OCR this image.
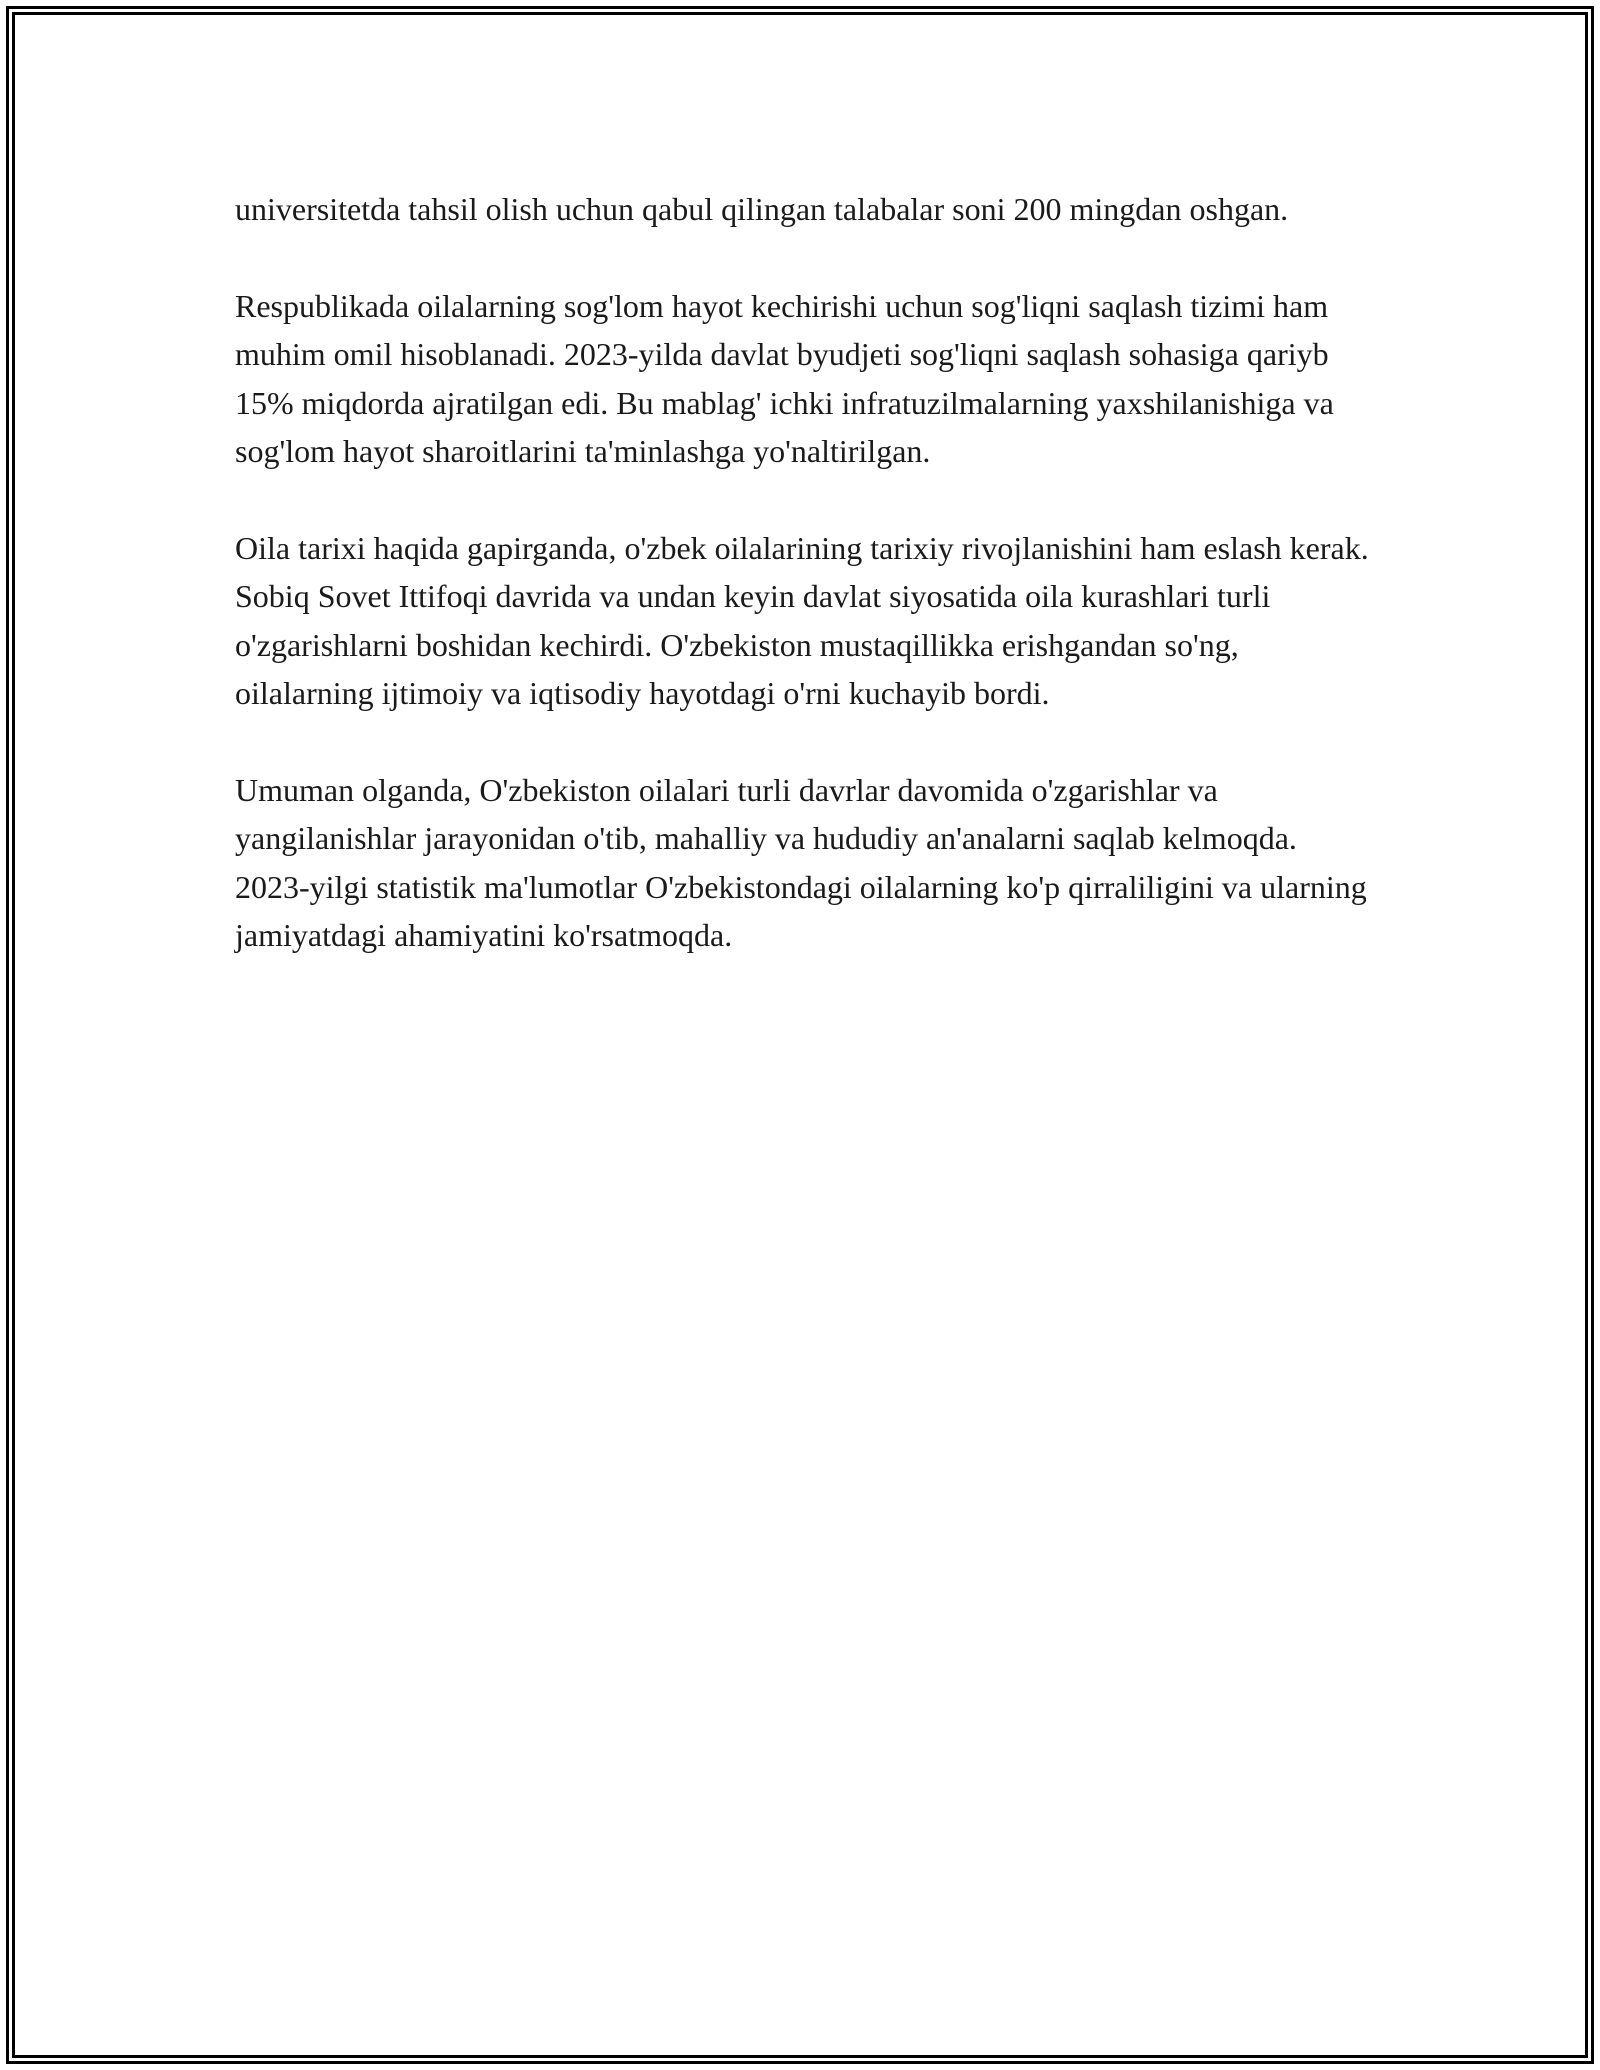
universitetda tahsil olish uchun qabul qilingan talabalar soni 200 mingdan oshgan.

Respublikada oilalarning sog'lom hayot kechirishi uchun sog'liqni saqlash tizimi ham muhim omil hisoblanadi. 2023-yilda davlat byudjeti sog'liqni saqlash sohasiga qariyb 15% miqdorda ajratilgan edi. Bu mablag' ichki infratuzilmalarning yaxshilanishiga va sog'lom hayot sharoitlarini ta'minlashga yo'naltirilgan.

Oila tarixi haqida gapirganda, o'zbek oilalarining tarixiy rivojlanishini ham eslash kerak. Sobiq Sovet Ittifoqi davrida va undan keyin davlat siyosatida oila kurashlari turli o'zgarishlarni boshidan kechirdi. O'zbekiston mustaqillikka erishgandan so'ng, oilalarning ijtimoiy va iqtisodiy hayotdagi o'rni kuchayib bordi.

Umuman olganda, O'zbekiston oilalari turli davrlar davomida o'zgarishlar va yangilanishlar jarayonidan o'tib, mahalliy va hududiy an'analarni saqlab kelmoqda. 2023-yilgi statistik ma'lumotlar O'zbekistondagi oilalarning ko'p qirraliligini va ularning jamiyatdagi ahamiyatini ko'rsatmoqda.
